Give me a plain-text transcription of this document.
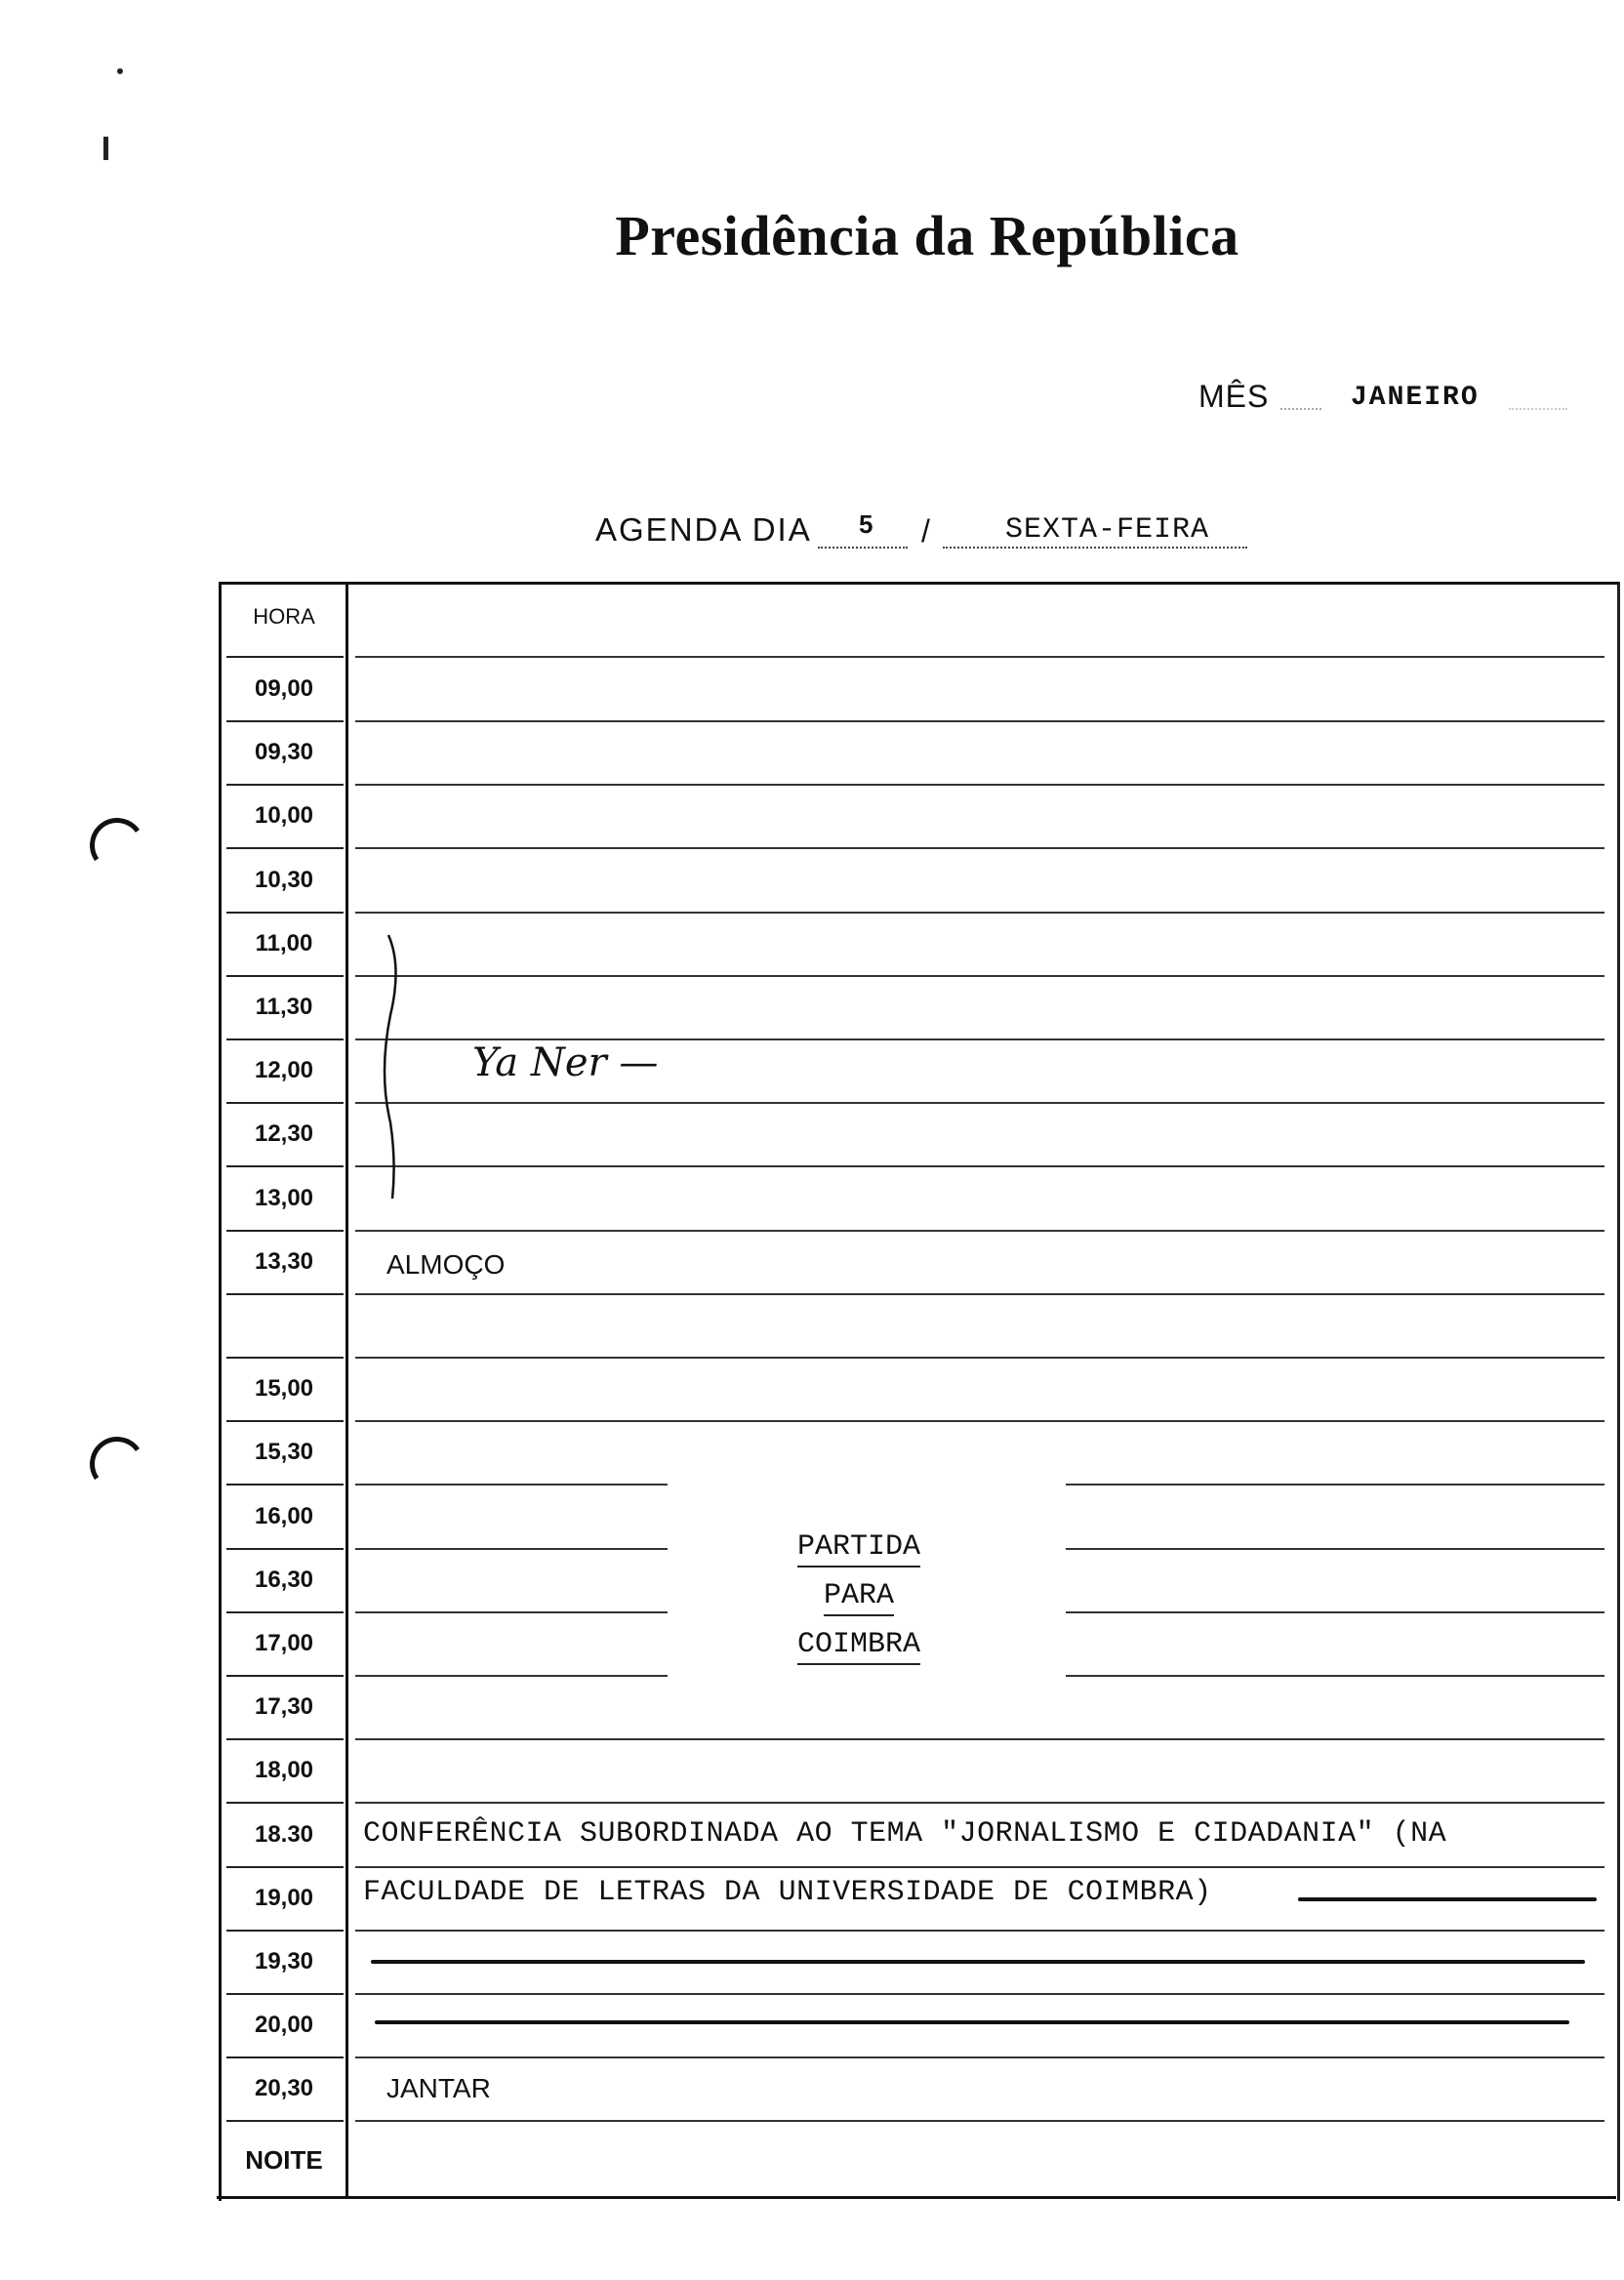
Presidência da República
MÊS	JANEIRO
AGENDA DIA 5 /	SEXTA-FEIRA
HORA
09,00
09,30
10,00
10,30
11,00
11,30
12,00
12,30
13,00
13,30
15,00
15,30
16,00
16,30
17,00
17,30
18,00
18.30
19,00
19,30
20,00
20,30
NOITE
Ya Ner —
ALMOÇO
PARTIDA
PARA
COIMBRA
CONFERÊNCIA SUBORDINADA AO TEMA "JORNALISMO E CIDADANIA" (NA
FACULDADE DE LETRAS DA UNIVERSIDADE DE COIMBRA)
JANTAR
